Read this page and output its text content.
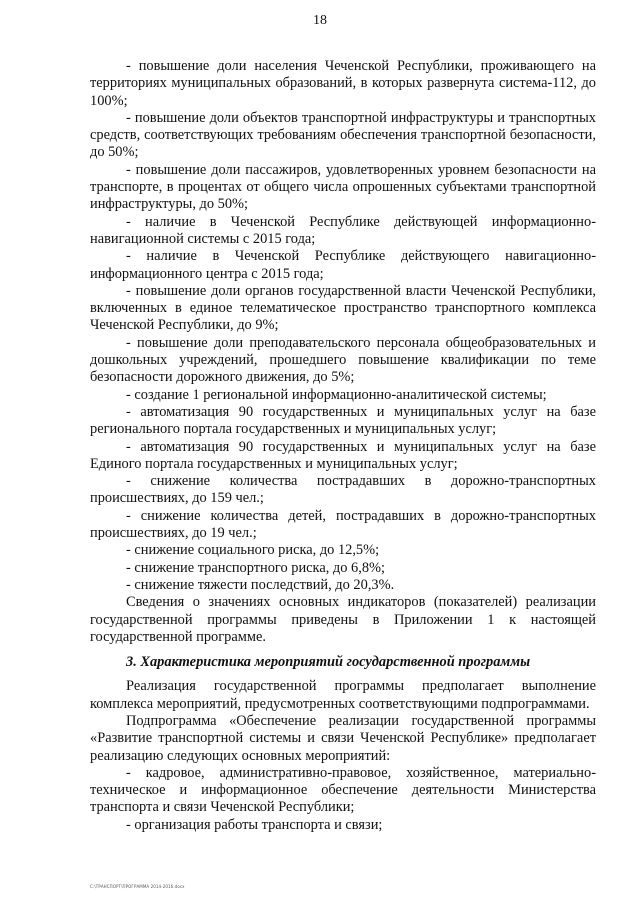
18

- повышение доли населения Чеченской Республики, проживающего на территориях муниципальных образований, в которых развернута система-112, до 100%;

- повышение доли объектов транспортной инфраструктуры и транспортных средств, соответствующих требованиям обеспечения транспортной безопасности, до 50%;

- повышение доли пассажиров, удовлетворенных уровнем безопасности на транспорте, в процентах от общего числа опрошенных субъектами транспортной инфраструктуры, до 50%;

- наличие в Чеченской Республике действующей информационно-навигационной системы с 2015 года;

- наличие в Чеченской Республике действующего навигационно-информационного центра с 2015 года;

- повышение доли органов государственной власти Чеченской Республики, включенных в единое телематическое пространство транспортного комплекса Чеченской Республики, до 9%;

- повышение доли преподавательского персонала общеобразовательных и дошкольных учреждений, прошедшего повышение квалификации по теме безопасности дорожного движения, до 5%;

- создание 1 региональной информационно-аналитической системы;

- автоматизация 90 государственных и муниципальных услуг на базе регионального портала государственных и муниципальных услуг;

- автоматизация 90 государственных и муниципальных услуг на базе Единого портала государственных и муниципальных услуг;

- снижение количества пострадавших в дорожно-транспортных происшествиях, до 159 чел.;

- снижение количества детей, пострадавших в дорожно-транспортных происшествиях, до 19 чел.;

- снижение социального риска, до 12,5%;

- снижение транспортного риска, до 6,8%;

- снижение тяжести последствий, до 20,3%.

Сведения о значениях основных индикаторов (показателей) реализации государственной программы приведены в Приложении 1 к настоящей государственной программе.

3. Характеристика мероприятий государственной программы

Реализация государственной программы предполагает выполнение комплекса мероприятий, предусмотренных соответствующими подпрограммами.

Подпрограмма «Обеспечение реализации государственной программы «Развитие транспортной системы и связи Чеченской Республике» предполагает реализацию следующих основных мероприятий:

- кадровое, административно-правовое, хозяйственное, материально-техническое и информационное обеспечение деятельности Министерства транспорта и связи Чеченской Республики;

- организация работы транспорта и связи;

С:\ТРАНСПОРТ\ПРОГРАММА 2014-2016.docx
